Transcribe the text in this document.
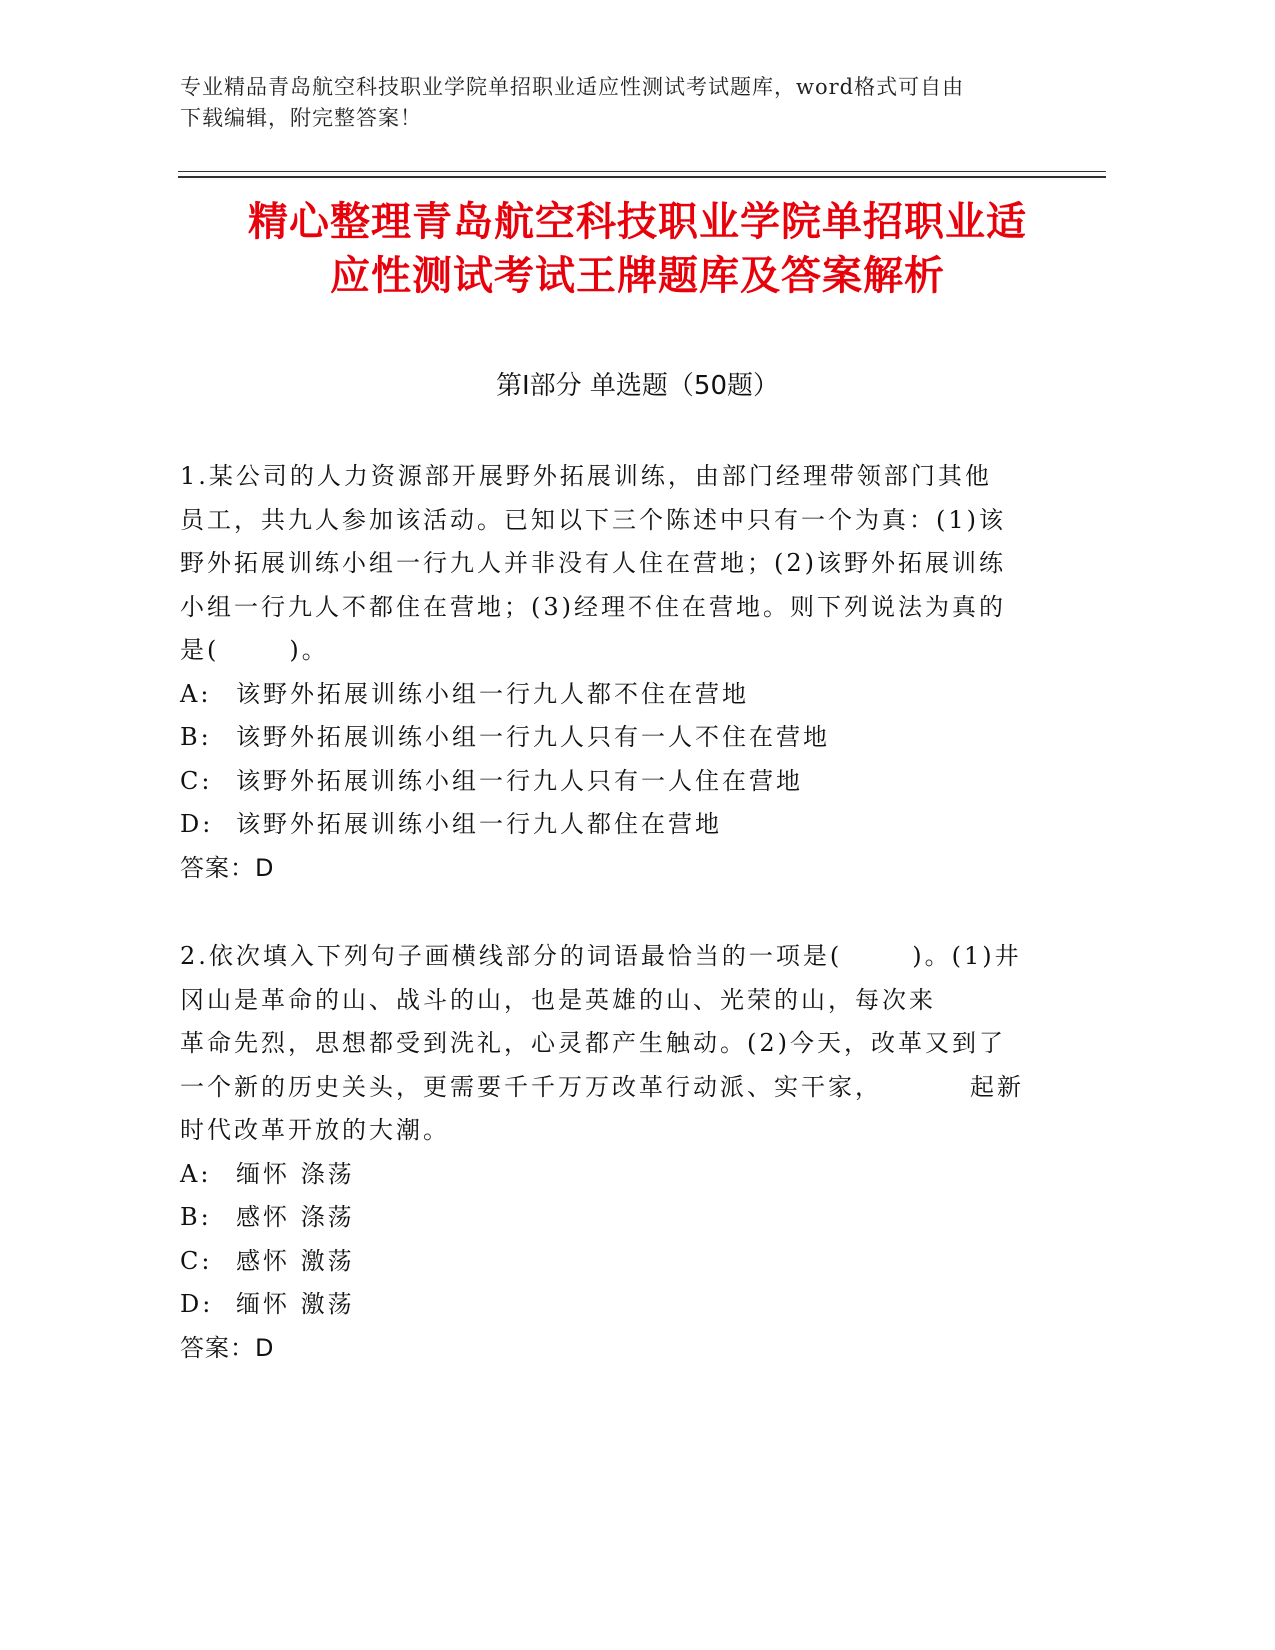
专业精品青岛航空科技职业学院单招职业适应性测试考试题库，word格式可自由
下载编辑，附完整答案！
精心整理青岛航空科技职业学院单招职业适
应性测试考试王牌题库及答案解析
第Ⅰ部分 单选题（50题）
1.某公司的人力资源部开展野外拓展训练，由部门经理带领部门其他
员工，共九人参加该活动。已知以下三个陈述中只有一个为真：(1)该
野外拓展训练小组一行九人并非没有人住在营地；(2)该野外拓展训练
小组一行九人不都住在营地；(3)经理不住在营地。则下列说法为真的
是(	)。
A:	该野外拓展训练小组一行九人都不住在营地
B:	该野外拓展训练小组一行九人只有一人不住在营地
C: 该野外拓展训练小组一行九人只有一人住在营地
D: 该野外拓展训练小组一行九人都住在营地
答案：D
2.依次填入下列句子画横线部分的词语最恰当的一项是(	)。(1)井
冈山是革命的山、战斗的山，也是英雄的山、光荣的山，每次来
革命先烈，思想都受到洗礼，心灵都产生触动。(2)今天，改革又到了
一个新的历史关头，更需要千千万万改革行动派、实干家，	起新
时代改革开放的大潮。
A:	缅怀 涤荡
B:	感怀 涤荡
C: 感怀 激荡
D: 缅怀 激荡
答案：D
